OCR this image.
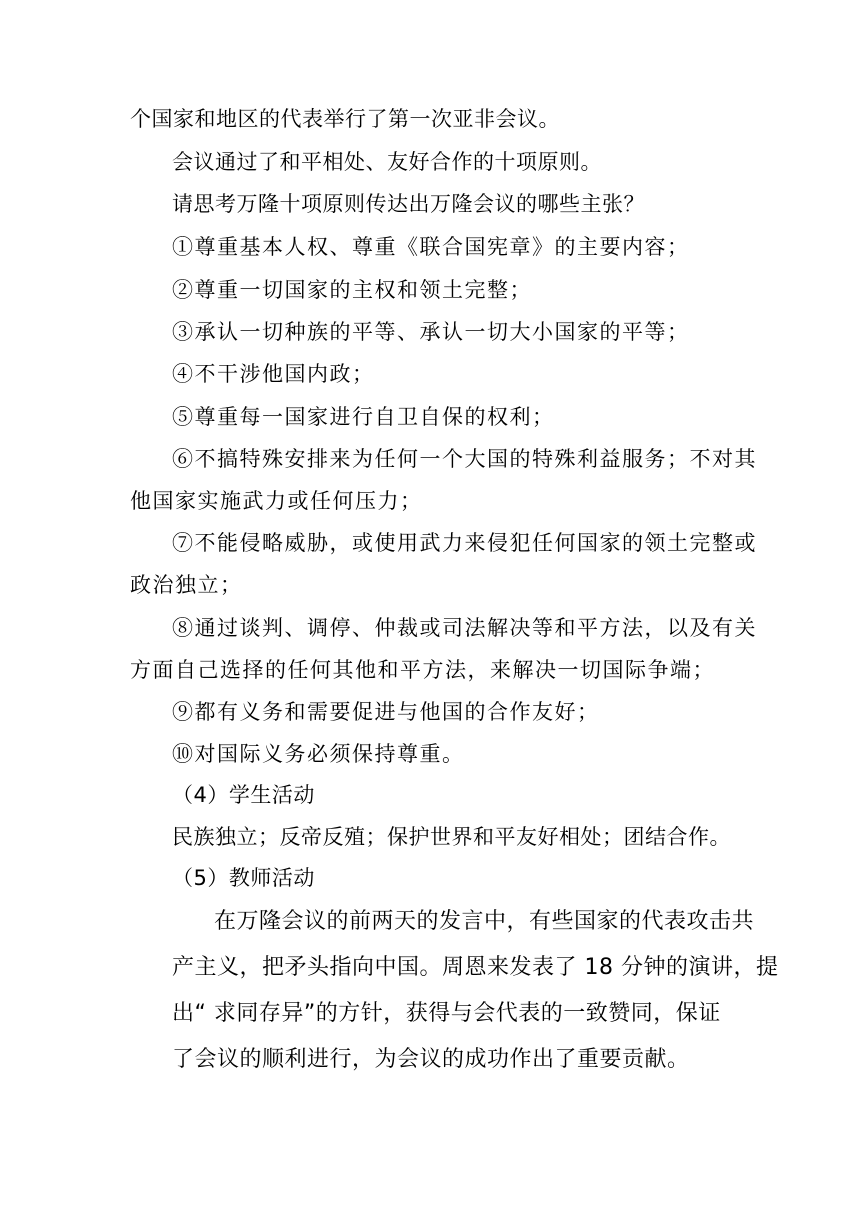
个国家和地区的代表举行了第一次亚非会议。
会议通过了和平相处、友好合作的十项原则。
请思考万隆十项原则传达出万隆会议的哪些主张？
①尊重基本人权、尊重《联合国宪章》的主要内容；
②尊重一切国家的主权和领土完整；
③承认一切种族的平等、承认一切大小国家的平等；
④不干涉他国内政；
⑤尊重每一国家进行自卫自保的权利；
⑥不搞特殊安排来为任何一个大国的特殊利益服务；不对其
他国家实施武力或任何压力；
⑦不能侵略威胁，或使用武力来侵犯任何国家的领土完整或
政治独立；
⑧通过谈判、调停、仲裁或司法解决等和平方法，以及有关
方面自己选择的任何其他和平方法，来解决一切国际争端；
⑨都有义务和需要促进与他国的合作友好；
⑩对国际义务必须保持尊重。
（4）学生活动
民族独立；反帝反殖；保护世界和平友好相处；团结合作。
（5）教师活动
在万隆会议的前两天的发言中，有些国家的代表攻击共
产主义，把矛头指向中国。周恩来发表了 18 分钟的演讲，提
出“ 求同存异”的方针，获得与会代表的一致赞同，保证
了会议的顺利进行，为会议的成功作出了重要贡献。
